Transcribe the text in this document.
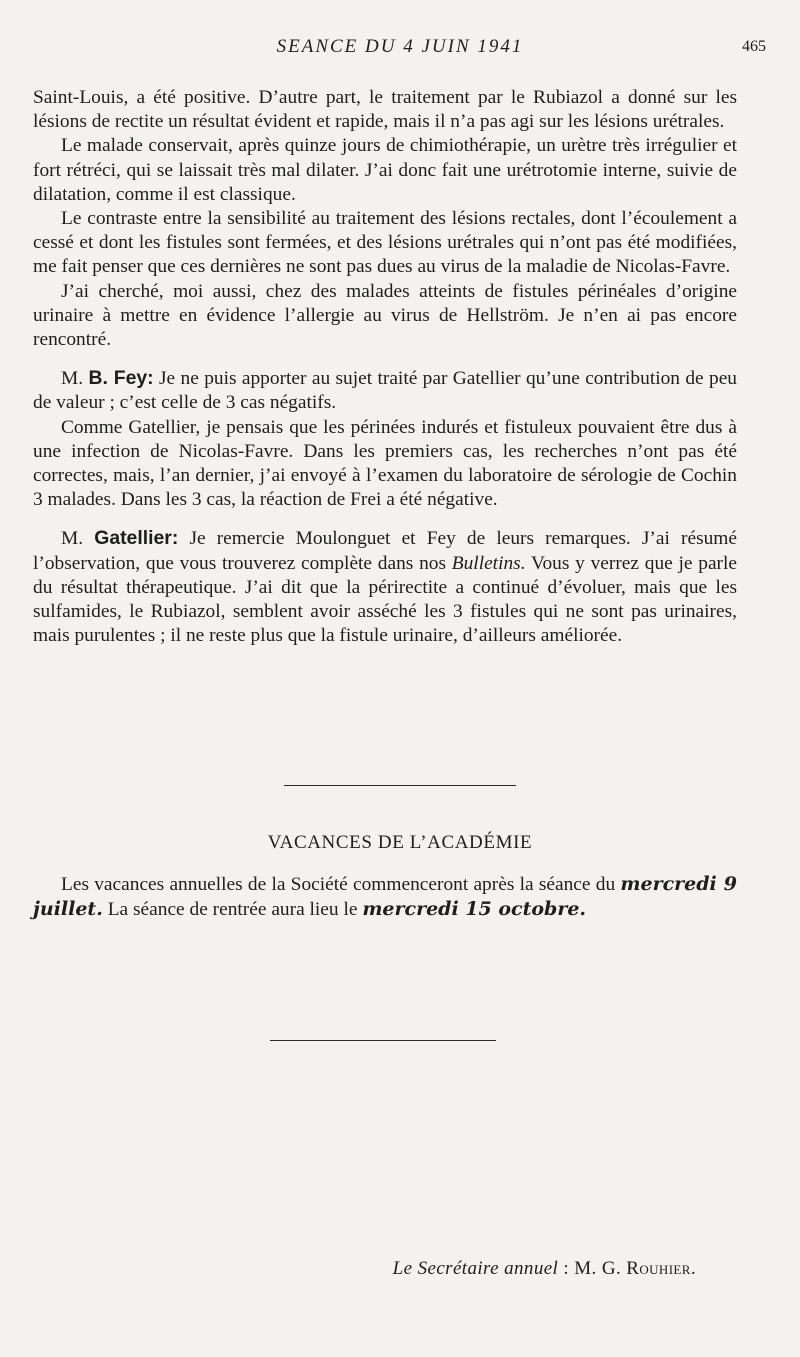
SEANCE DU 4 JUIN 1941	465

Saint-Louis, a été positive. D’autre part, le traitement par le Rubiazol a donné sur les lésions de rectite un résultat évident et rapide, mais il n’a pas agi sur les lésions urétrales.

Le malade conservait, après quinze jours de chimiothérapie, un urètre très irrégulier et fort rétréci, qui se laissait très mal dilater. J’ai donc fait une urétrotomie interne, suivie de dilatation, comme il est classique.

Le contraste entre la sensibilité au traitement des lésions rectales, dont l’écoulement a cessé et dont les fistules sont fermées, et des lésions urétrales qui n’ont pas été modifiées, me fait penser que ces dernières ne sont pas dues au virus de la maladie de Nicolas-Favre.

J’ai cherché, moi aussi, chez des malades atteints de fistules périnéales d’origine urinaire à mettre en évidence l’allergie au virus de Hellström. Je n’en ai pas encore rencontré.

M. B. Fey: Je ne puis apporter au sujet traité par Gatellier qu’une contribution de peu de valeur ; c’est celle de 3 cas négatifs.

Comme Gatellier, je pensais que les périnées indurés et fistuleux pouvaient être dus à une infection de Nicolas-Favre. Dans les premiers cas, les recherches n’ont pas été correctes, mais, l’an dernier, j’ai envoyé à l’examen du laboratoire de sérologie de Cochin 3 malades. Dans les 3 cas, la réaction de Frei a été négative.

M. Gatellier: Je remercie Moulonguet et Fey de leurs remarques. J’ai résumé l’observation, que vous trouverez complète dans nos Bulletins. Vous y verrez que je parle du résultat thérapeutique. J’ai dit que la périrectite a continué d’évoluer, mais que les sulfamides, le Rubiazol, semblent avoir asséché les 3 fistules qui ne sont pas urinaires, mais purulentes ; il ne reste plus que la fistule urinaire, d’ailleurs améliorée.

VACANCES DE L’ACADÉMIE

Les vacances annuelles de la Société commenceront après la séance du mercredi 9 juillet. La séance de rentrée aura lieu le mercredi 15 octobre.

Le Secrétaire annuel : M. G. Rouhier.
